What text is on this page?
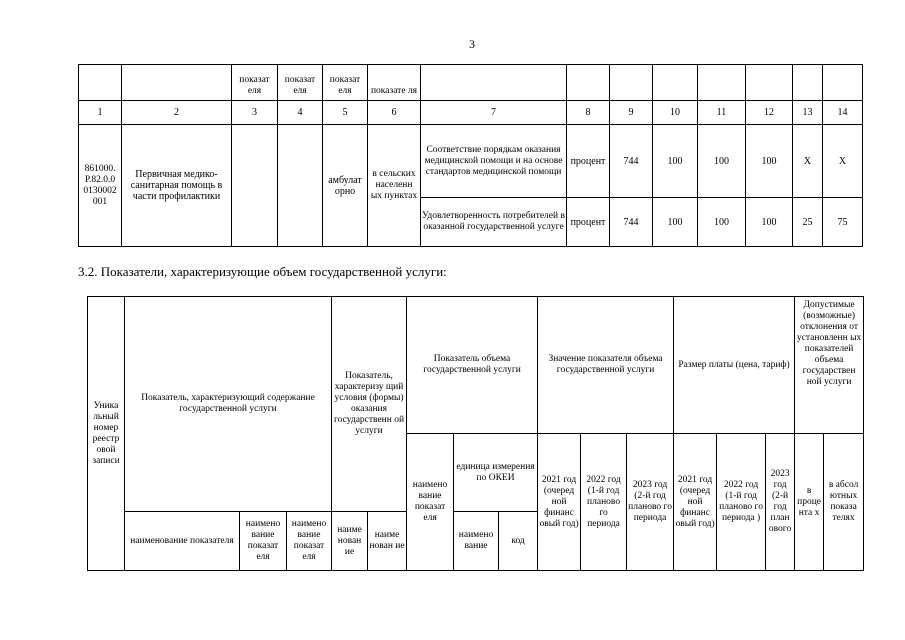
3
		показат еля	показат еля	показат еля	показате ля								
1	2	3	4	5	6	7	8	9	10	11	12	13	14
861000. Р.82.0.0 0130002 001	Первичная медико-санитарная помощь в части профилактики			амбулат орно	в сельских населенн ых пунктах	Соответствие порядкам оказания медицинской помощи и на основе стандартов медицинской помощи	процент	744	100	100	100	Х	Х
						Удовлетворенность потребителей в оказанной государственной услуге	процент	744	100	100	100	25	75
3.2. Показатели, характеризующие объем государственной услуги:
Уника льный номер реестр овой записи	Показатель, характеризующий содержание государственной услуги			Показатель, характеризу щий условия (формы) оказания государственн ой услуги		Показатель объема государственной услуги			Значение показателя объема государственной услуги			Размер платы (цена, тариф)			Допустимые (возможные) отклонения от установленн ых показателей объема государствен ной услуги	
						наимено вание показат еля	единица измерения по ОКЕИ		2021 год (очеред ной финанс овый год)	2022 год (1-й год планово го периода	2023 год (2-й год планово го периода	2021 год (очеред ной финанс овый год)	2022 год (1-й год планово го периода )	2023 год (2-й год план ового	в процента х	в абсол ютных показа телях
	наименование показателя	наимено вание показат еля	наимено вание показат еля	наиме нован ие	наиме нован ие		наимено вание	код								
